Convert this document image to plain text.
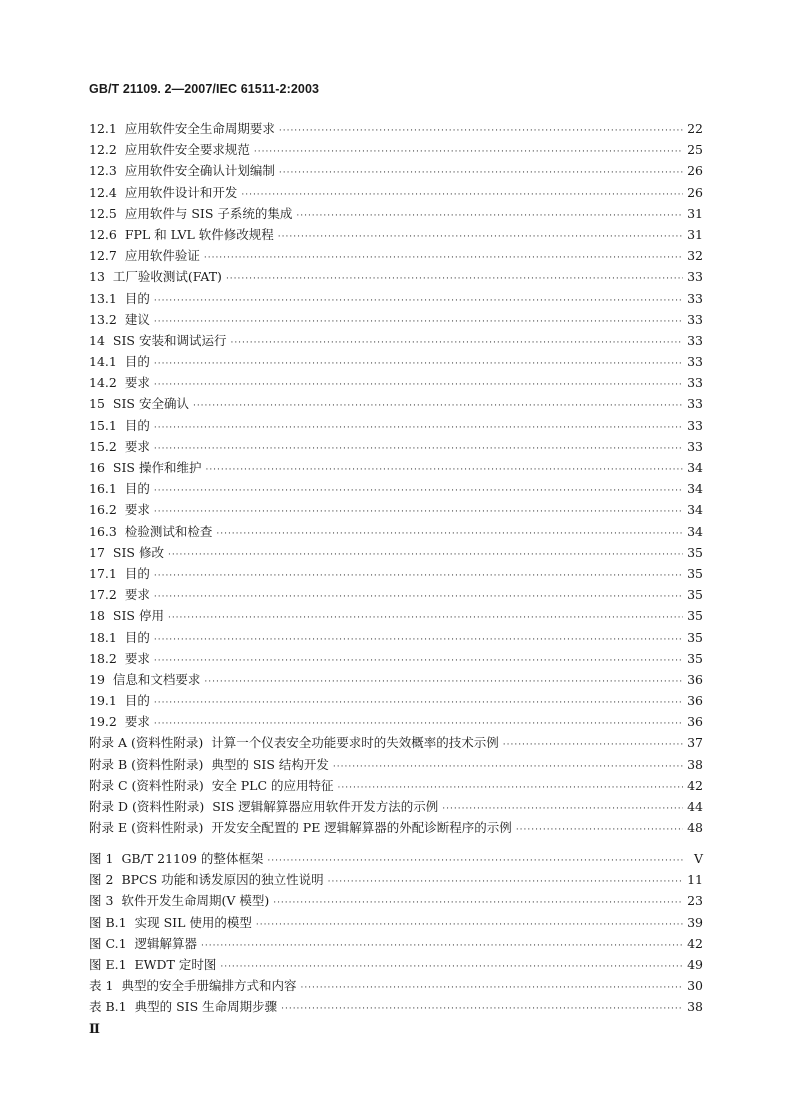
GB/T 21109. 2—2007/IEC 61511-2:2003
12.1 应用软件安全生命周期要求 ·····	22
12.2 应用软件安全要求规范 ·····	25
12.3 应用软件安全确认计划编制 ·····	26
12.4 应用软件设计和开发 ·····	26
12.5 应用软件与 SIS 子系统的集成 ·····	31
12.6 FPL 和 LVL 软件修改规程 ·····	31
12.7 应用软件验证 ·····	32
13 工厂验收测试(FAT) ·····	33
13.1 目的 ·····	33
13.2 建议 ·····	33
14 SIS 安装和调试运行 ·····	33
14.1 目的 ·····	33
14.2 要求 ·····	33
15 SIS 安全确认 ·····	33
15.1 目的 ·····	33
15.2 要求 ·····	33
16 SIS 操作和维护 ·····	34
16.1 目的 ·····	34
16.2 要求 ·····	34
16.3 检验测试和检查 ·····	34
17 SIS 修改 ·····	35
17.1 目的 ·····	35
17.2 要求 ·····	35
18 SIS 停用 ·····	35
18.1 目的 ·····	35
18.2 要求 ·····	35
19 信息和文档要求 ·····	36
19.1 目的 ·····	36
19.2 要求 ·····	36
附录 A (资料性附录) 计算一个仪表安全功能要求时的失效概率的技术示例 ·····	37
附录 B (资料性附录) 典型的 SIS 结构开发 ·····	38
附录 C (资料性附录) 安全 PLC 的应用特征 ·····	42
附录 D (资料性附录) SIS 逻辑解算器应用软件开发方法的示例 ·····	44
附录 E (资料性附录) 开发安全配置的 PE 逻辑解算器的外配诊断程序的示例 ·····	48
图 1 GB/T 21109 的整体框架 ·····	Ⅴ
图 2 BPCS 功能和诱发原因的独立性说明 ·····	11
图 3 软件开发生命周期(V 模型) ·····	23
图 B.1 实现 SIL 使用的模型 ·····	39
图 C.1 逻辑解算器 ·····	42
图 E.1 EWDT 定时图 ·····	49
表 1 典型的安全手册编排方式和内容 ·····	30
表 B.1 典型的 SIS 生命周期步骤 ·····	38
Ⅱ
